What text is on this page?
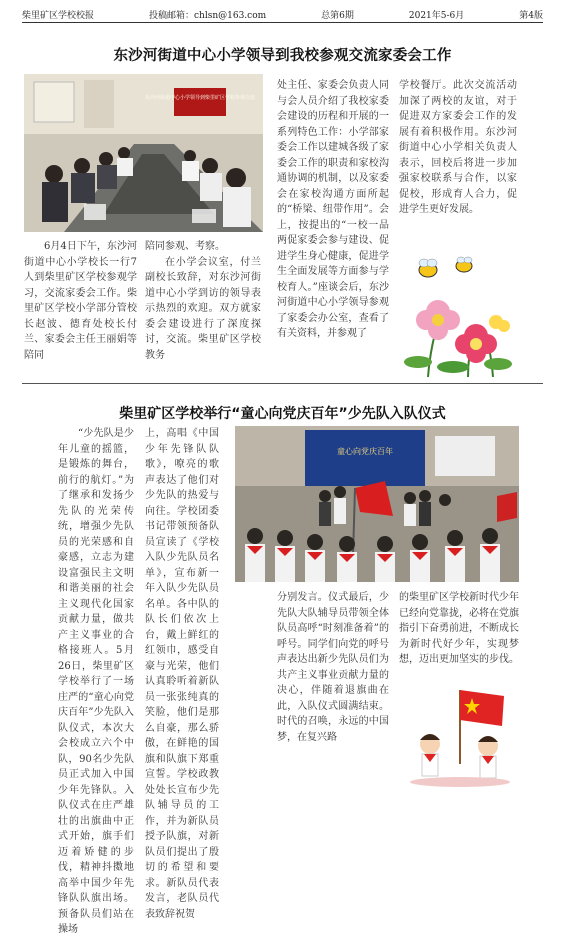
柴里矿区学校校报	投稿邮箱：chlsn@163.com	总第6期	2021年5-6月	第4版
东沙河街道中心小学领导到我校参观交流家委会工作
东沙河街道中心小学领导到柴里矿区学校参观交流

6月4日下午，东沙河街道中心小学校长一行7人到柴里矿区学校参观学习，交流家委会工作。柴里矿区学校小学部分管校长赵波、德育处校长付兰、家委会主任王丽娟等陪同

陪同参观、考察。

在小学会议室，付兰副校长致辞，对东沙河街道中心小学到访的领导表示热烈的欢迎。双方就家委会建设进行了深度探讨，交流。柴里矿区学校教务

处主任、家委会负责人同与会人员介绍了我校家委会建设的历程和开展的一系列特色工作：小学部家委会工作以建城各级了家委会工作的职责和家校沟通协调的机制，以及家委会在家校沟通方面所起的“桥梁、纽带作用”。会上，按提出的“一校一品两促家委会参与建设、促进学生身心健康，促进学生全面发展等方面参与学校育人。”座谈会后，东沙河街道中心小学领导参观了家委会办公室，查看了有关资料，并参观了

学校餐厅。此次交流活动加深了两校的友谊，对于促进双方家委会工作的发展有着积极作用。东沙河街道中心小学相关负责人表示，回校后将进一步加强家校联系与合作，以家促校，形成育人合力，促进学生更好发展。

柴里矿区学校举行“童心向党庆百年”少先队入队仪式

“少先队是少年儿童的摇篮，是锻炼的舞台，前行的航灯。”为了继承和发扬少先队的光荣传统，增强少先队员的光荣感和自豪感，立志为建设富强民主文明和谐美丽的社会主义现代化国家贡献力量，做共产主义事业的合格接班人。5月26日，柴里矿区学校举行了一场庄严的“童心向党庆百年”少先队入队仪式，本次大会校成立六个中队，90名少先队员正式加入中国少年先锋队。入队仪式在庄严雄壮的出旗曲中正式开始，旗手们迈着矫健的步伐，精神抖擞地高举中国少年先锋队队旗出场。预备队员们站在操场

上，高唱《中国少年先锋队队歌》，嘹亮的歌声表达了他们对少先队的热爱与向往。学校团委书记带领预备队员宣读了《学校入队少先队员名单》，宣布新一年入队少先队员名单。各中队的队长们依次上台，戴上鲜红的红领巾，感受自豪与光荣，他们认真聆听着新队员一张张纯真的笑脸，他们是那么自豪，那么骄傲，在鲜艳的国旗和队旗下郑重宣誓。学校政教处处长宣布少先队辅导员的工作，并为新队员授予队旗，对新队员们提出了殷切的希望和要求。新队员代表发言，老队员代表致辞祝贺

童心向党庆百年

分别发言。仪式最后，少先队大队辅导员带领全体队员高呼“时刻准备着”的呼号。同学们向党的呼号声表达出新少先队员们为共产主义事业贡献力量的决心，伴随着退旗曲在此，入队仪式圆满结束。时代的召唤，永远的中国梦，在复兴路

的柴里矿区学校新时代少年已经向党靠拢，必将在党旗指引下奋勇前进，不断成长为新时代好少年，实现梦想，迈出更加坚实的步伐。
